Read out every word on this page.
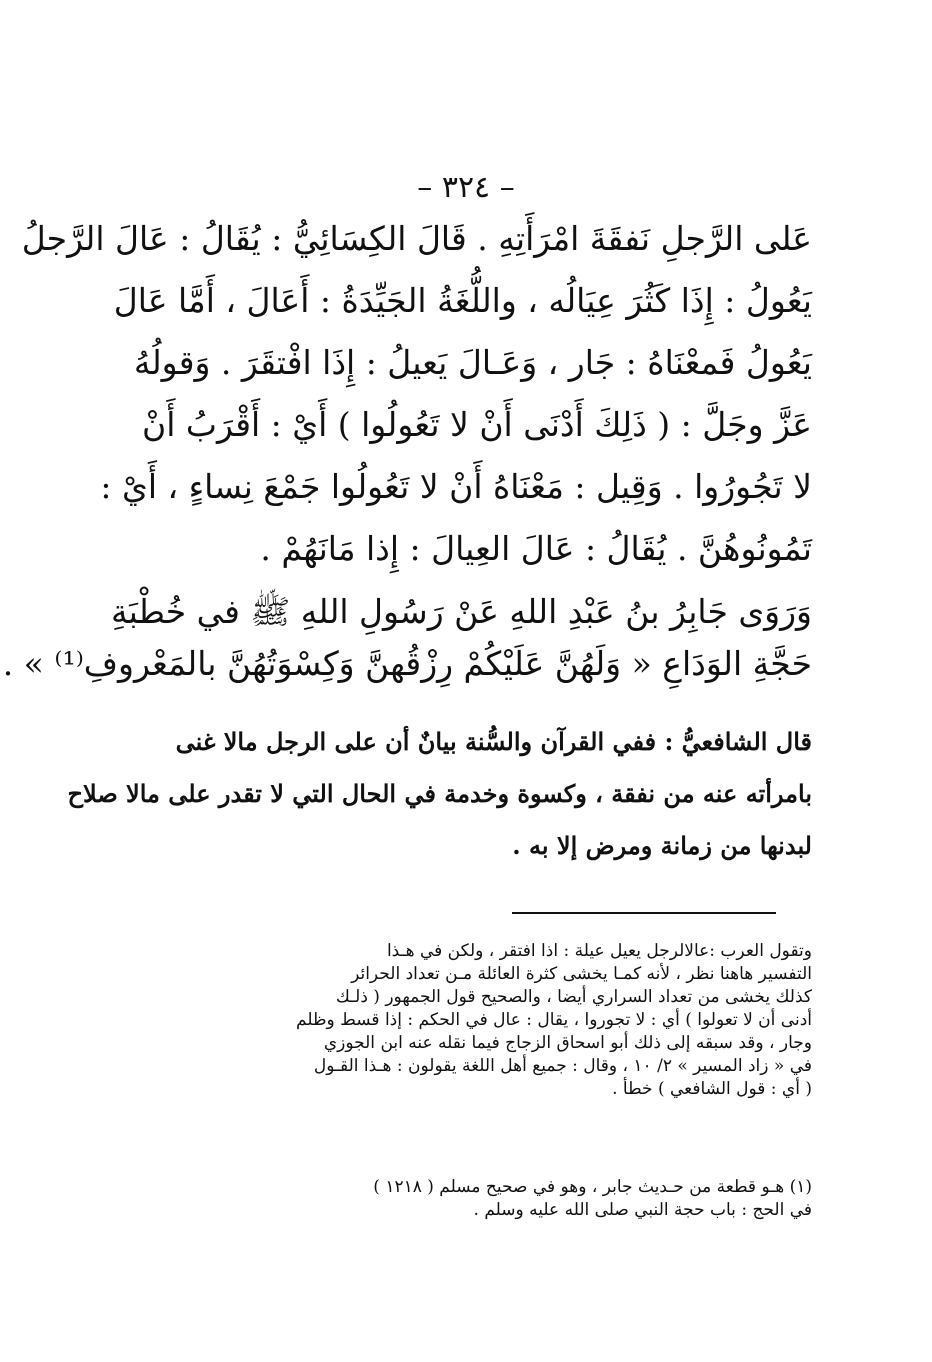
– ٣٢٤ –
عَلى الرَّجلِ نَفقَةَ امْرَأَتِهِ . قَالَ الكِسَائِيُّ : يُقَالُ : عَالَ الرَّجلُ
يَعُولُ : إِذَا كَثُرَ عِيَالُه ، واللُّغَةُ الجَيِّدَةُ : أَعَالَ ، أَمَّا عَالَ
يَعُولُ فَمعْنَاهُ : جَار ، وَعَـالَ يَعيلُ : إِذَا افْتقَرَ . وَقولُهُ
عَزَّ وجَلَّ : ( ذَلِكَ أَدْنَى أَنْ لا تَعُولُوا ) أَيْ : أَقْرَبُ أَنْ
لا تَجُورُوا . وَقِيل : مَعْنَاهُ أَنْ لا تَعُولُوا جَمْعَ نِساءٍ ، أَيْ :
تَمُونُوهُنَّ . يُقَالُ : عَالَ العِيالَ : إِذا مَانَهُمْ .
وَرَوَى جَابِرُ بنُ عَبْدِ اللهِ عَنْ رَسُولِ اللهِ ﷺ في خُطْبَةِ
حَجَّةِ الوَدَاعِ « وَلَهُنَّ عَلَيْكُمْ رِزْقُهنَّ وَكِسْوَتُهُنَّ بالمَعْروفِ⁽¹⁾ » .
قال الشافعيُّ : ففي القرآن والسُّنة بيانٌ أن على الرجل مالا غنى
بامرأته عنه من نفقة ، وكسوة وخدمة في الحال التي لا تقدر على مالا صلاح
لبدنها من زمانة ومرض إلا به .
وتقول العرب :عالالرجل يعيل عيلة : اذا افتقر ، ولكن في هـذا
التفسير هاهنا نظر ، لأنه كمـا يخشى كثرة العائلة مـن تعداد الحرائر
كذلك يخشى من تعداد السراري أيضا ، والصحيح قول الجمهور ( ذلـك
أدنى أن لا تعولوا ) أي : لا تجوروا ، يقال : عال في الحكم : إذا قسط وظلم
وجار ، وقد سبقه إلى ذلك أبو اسحاق الزجاج فيما نقله عنه ابن الجوزي
في « زاد المسير » ٢/ ١٠ ، وقال : جميع أهل اللغة يقولون : هـذا القـول
( أي : قول الشافعي ) خطأ .
(١) هـو قطعة من حـديث جابر ، وهو في صحيح مسلم ( ١٢١٨ )
في الحج : باب حجة النبي صلى الله عليه وسلم .
